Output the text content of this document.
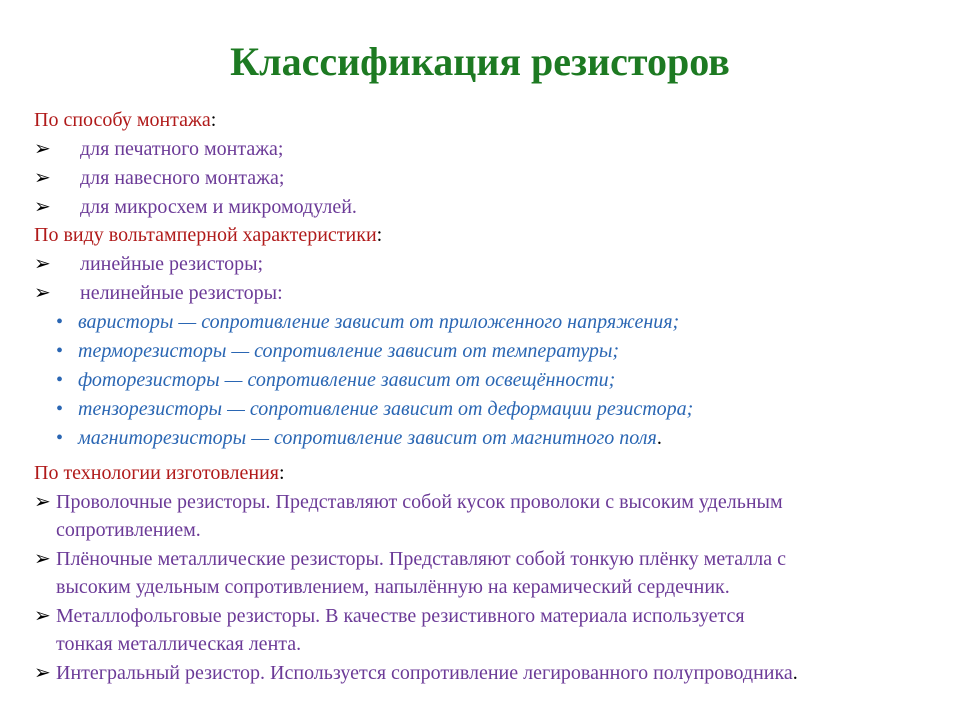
Классификация резисторов
По способу монтажа:
➢ для печатного монтажа;
➢ для навесного монтажа;
➢ для микросхем и микромодулей.
По виду вольтамперной характеристики:
➢ линейные резисторы;
➢ нелинейные резисторы:
• варисторы — сопротивление зависит от приложенного напряжения;
• терморезисторы — сопротивление зависит от температуры;
• фоторезисторы — сопротивление зависит от освещённости;
• тензорезисторы — сопротивление зависит от деформации резистора;
• магниторезисторы — сопротивление зависит от магнитного поля.
По технологии изготовления:
➢ Проволочные резисторы. Представляют собой кусок проволоки с высоким удельным
сопротивлением.
➢ Плёночные металлические резисторы. Представляют собой тонкую плёнку металла с
высоким удельным сопротивлением, напылённую на керамический сердечник.
➢ Металлофольговые резисторы. В качестве резистивного материала используется
тонкая металлическая лента.
➢ Интегральный резистор. Используется сопротивление легированного полупроводника.
